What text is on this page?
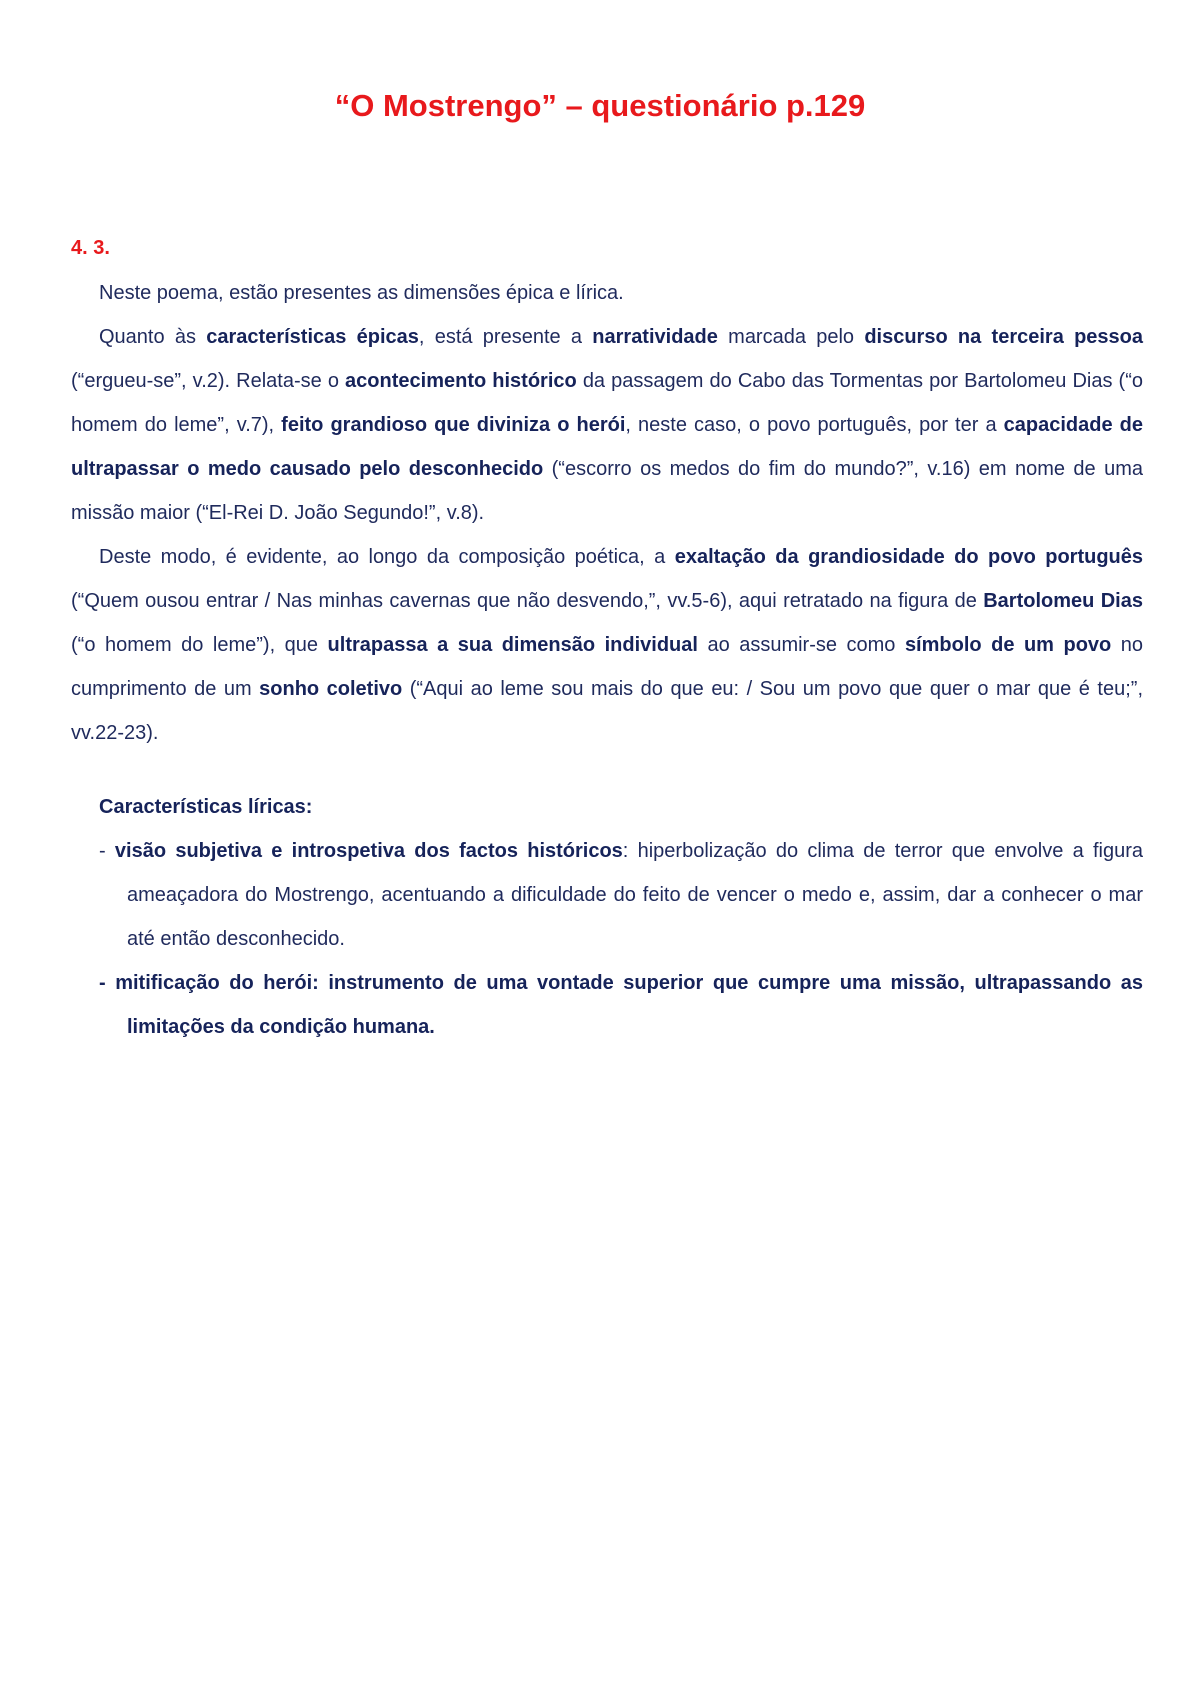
“O Mostrengo” – questionário p.129
4. 3.

Neste poema, estão presentes as dimensões épica e lírica.

Quanto às características épicas, está presente a narratividade marcada pelo discurso na terceira pessoa (“ergueu-se”, v.2). Relata-se o acontecimento histórico da passagem do Cabo das Tormentas por Bartolomeu Dias (“o homem do leme”, v.7), feito grandioso que diviniza o herói, neste caso, o povo português, por ter a capacidade de ultrapassar o medo causado pelo desconhecido (“escorro os medos do fim do mundo?”, v.16) em nome de uma missão maior (“El-Rei D. João Segundo!”, v.8).

Deste modo, é evidente, ao longo da composição poética, a exaltação da grandiosidade do povo português (“Quem ousou entrar / Nas minhas cavernas que não desvendo,”, vv.5-6), aqui retratado na figura de Bartolomeu Dias (“o homem do leme”), que ultrapassa a sua dimensão individual ao assumir-se como símbolo de um povo no cumprimento de um sonho coletivo (“Aqui ao leme sou mais do que eu: / Sou um povo que quer o mar que é teu;”, vv.22-23).

Características líricas:

- visão subjetiva e introspetiva dos factos históricos: hiperbolização do clima de terror que envolve a figura ameaçadora do Mostrengo, acentuando a dificuldade do feito de vencer o medo e, assim, dar a conhecer o mar até então desconhecido.

- mitificação do herói: instrumento de uma vontade superior que cumpre uma missão, ultrapassando as limitações da condição humana.
